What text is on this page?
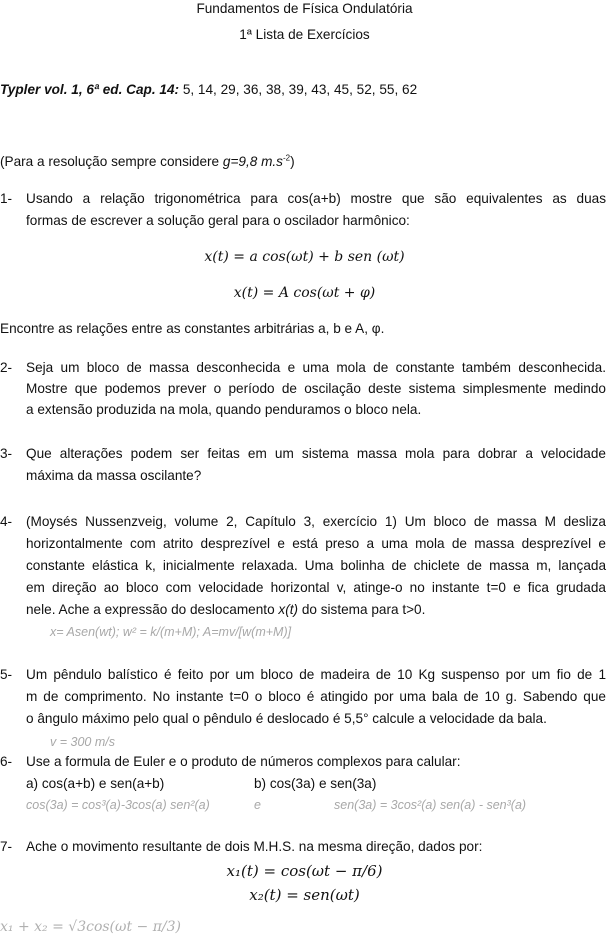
Fundamentos de Física Ondulatória
1ª Lista de Exercícios
Typler vol. 1, 6ª ed. Cap. 14: 5, 14, 29, 36, 38, 39, 43, 45, 52, 55, 62
(Para a resolução sempre considere g=9,8 $m.s^{-2}$)
1- Usando a relação trigonométrica para cos(a+b) mostre que são equivalentes as duas
formas de escrever a solução geral para o oscilador harmônico:
x(t) = a cos(ωt) + b sen (ωt)
x(t) = A cos(ωt + φ)
Encontre as relações entre as constantes arbitrárias a, b e A, φ.
2- Seja um bloco de massa desconhecida e uma mola de constante também desconhecida.
Mostre que podemos prever o período de oscilação deste sistema simplesmente medindo
a extensão produzida na mola, quando penduramos o bloco nela.
3- Que alterações podem ser feitas em um sistema massa mola para dobrar a velocidade
máxima da massa oscilante?
4- (Moysés Nussenzveig, volume 2, Capítulo 3, exercício 1) Um bloco de massa M desliza
horizontalmente com atrito desprezível e está preso a uma mola de massa desprezível e
constante elástica k, inicialmente relaxada. Uma bolinha de chiclete de massa m, lançada
em direção ao bloco com velocidade horizontal v, atinge-o no instante t=0 e fica grudada
nele. Ache a expressão do deslocamento x(t) do sistema para t>0.
x= Asen(wt); w² = k/(m+M); A=mv/[w(m+M)]
5- Um pêndulo balístico é feito por um bloco de madeira de 10 Kg suspenso por um fio de 1
m de comprimento. No instante t=0 o bloco é atingido por uma bala de 10 g. Sabendo que
o ângulo máximo pelo qual o pêndulo é deslocado é 5,5° calcule a velocidade da bala.
v = 300 m/s
6- Use a formula de Euler e o produto de números complexos para calular:
a) cos(a+b) e sen(a+b)	b) cos(3a) e sen(3a)
cos(3a) = cos³(a)-3cos(a) sen²(a)	e	sen(3a) = 3cos²(a) sen(a) - sen³(a)
7- Ache o movimento resultante de dois M.H.S. na mesma direção, dados por:
x₁(t) = cos(ωt − π/6)
x₂(t) = sen(ωt)
x₁ + x₂ = √3cos(ωt − π/3)
